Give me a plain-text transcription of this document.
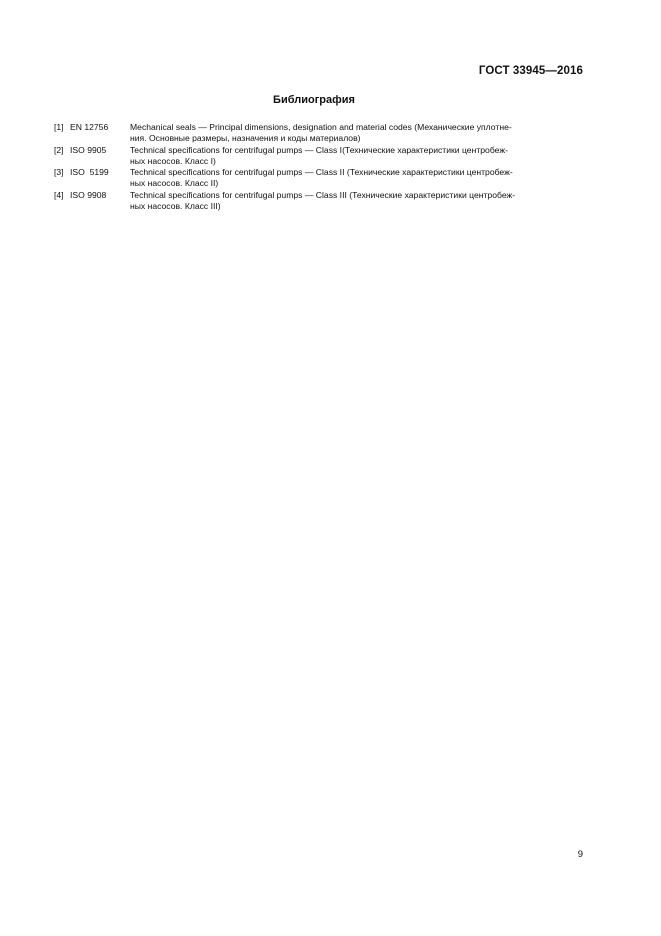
ГОСТ 33945—2016
Библиография
[1] EN 12756	Mechanical seals — Principal dimensions, designation and material codes (Механические уплотне-
ния. Основные размеры, назначения и коды материалов)
[2] ISO 9905	Technical specifications for centrifugal pumps — Class I(Технические характеристики центробеж-
ных насосов. Класс I)
[3] ISO  5199	Technical specifications for centrifugal pumps — Class II (Технические характеристики центробеж-
ных насосов. Класс II)
[4] ISO 9908	Technical specifications for centrifugal pumps — Class III (Технические характеристики центробеж-
ных насосов. Класс III)
9
